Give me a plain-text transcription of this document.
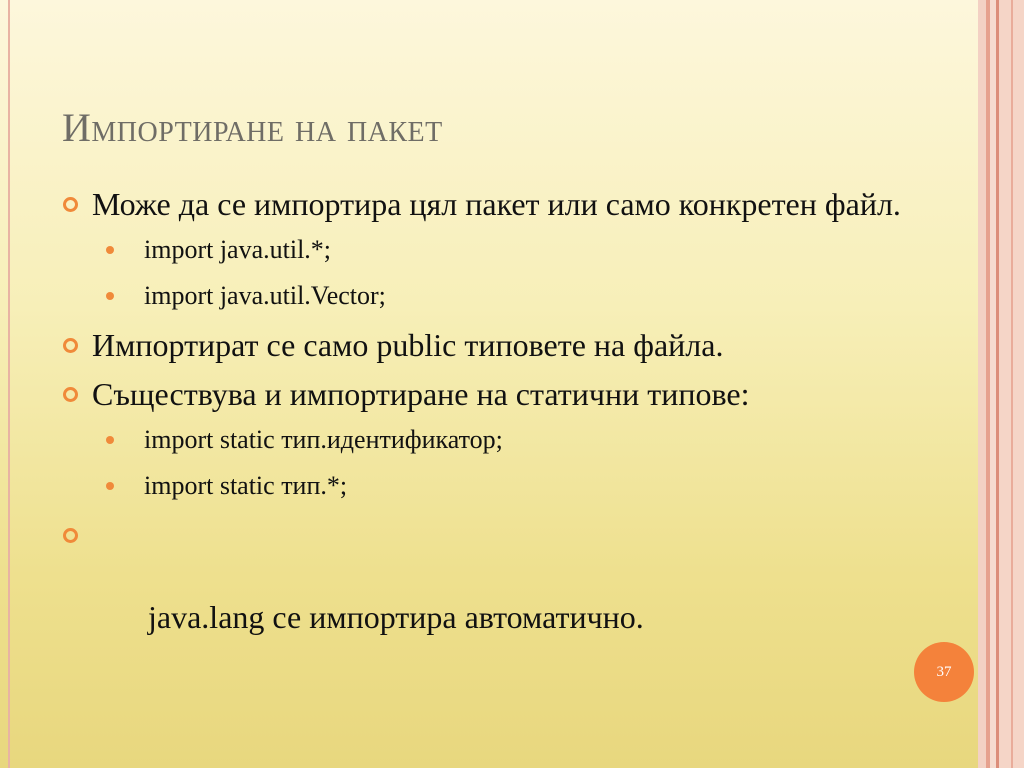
Импортиране на пакет
Може да се импортира цял пакет или само конкретен файл.
import java.util.*;
import java.util.Vector;
Импортират се само public типовете на файла.
Съществува и импортиране на статични типове:
import static тип.идентификатор;
import static тип.*;

java.lang се импортира автоматично.

37
